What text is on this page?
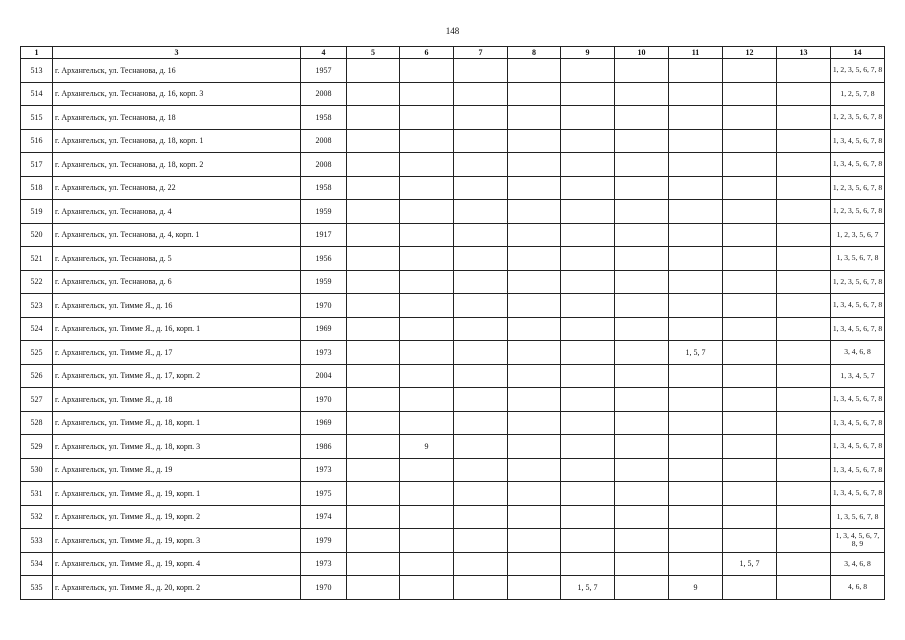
148
1	3	4	5	6	7	8	9	10	11	12	13	14
513	г. Архангельск, ул. Теснанова, д. 16	1957										1, 2, 3, 5, 6, 7, 8
514	г. Архангельск, ул. Теснанова, д. 16, корп. 3	2008										1, 2, 5, 7, 8
515	г. Архангельск, ул. Теснанова, д. 18	1958										1, 2, 3, 5, 6, 7, 8
516	г. Архангельск, ул. Теснанова, д. 18, корп. 1	2008										1, 3, 4, 5, 6, 7, 8
517	г. Архангельск, ул. Теснанова, д. 18, корп. 2	2008										1, 3, 4, 5, 6, 7, 8
518	г. Архангельск, ул. Теснанова, д. 22	1958										1, 2, 3, 5, 6, 7, 8
519	г. Архангельск, ул. Теснанова, д. 4	1959										1, 2, 3, 5, 6, 7, 8
520	г. Архангельск, ул. Теснанова, д. 4, корп. 1	1917										1, 2, 3, 5, 6, 7
521	г. Архангельск, ул. Теснанова, д. 5	1956										1, 3, 5, 6, 7, 8
522	г. Архангельск, ул. Теснанова, д. 6	1959										1, 2, 3, 5, 6, 7, 8
523	г. Архангельск, ул. Тимме Я., д. 16	1970										1, 3, 4, 5, 6, 7, 8
524	г. Архангельск, ул. Тимме Я., д. 16, корп. 1	1969										1, 3, 4, 5, 6, 7, 8
525	г. Архангельск, ул. Тимме Я., д. 17	1973							1, 5, 7			3, 4, 6, 8
526	г. Архангельск, ул. Тимме Я., д. 17, корп. 2	2004										1, 3, 4, 5, 7
527	г. Архангельск, ул. Тимме Я., д. 18	1970										1, 3, 4, 5, 6, 7, 8
528	г. Архангельск, ул. Тимме Я., д. 18, корп. 1	1969										1, 3, 4, 5, 6, 7, 8
529	г. Архангельск, ул. Тимме Я., д. 18, корп. 3	1986		9								1, 3, 4, 5, 6, 7, 8
530	г. Архангельск, ул. Тимме Я., д. 19	1973										1, 3, 4, 5, 6, 7, 8
531	г. Архангельск, ул. Тимме Я., д. 19, корп. 1	1975										1, 3, 4, 5, 6, 7, 8
532	г. Архангельск, ул. Тимме Я., д. 19, корп. 2	1974										1, 3, 5, 6, 7, 8
533	г. Архангельск, ул. Тимме Я., д. 19, корп. 3	1979										1, 3, 4, 5, 6, 7, 8, 9
534	г. Архангельск, ул. Тимме Я., д. 19, корп. 4	1973								1, 5, 7		3, 4, 6, 8
535	г. Архангельск, ул. Тимме Я., д. 20, корп. 2	1970					1, 5, 7		9			4, 6, 8
